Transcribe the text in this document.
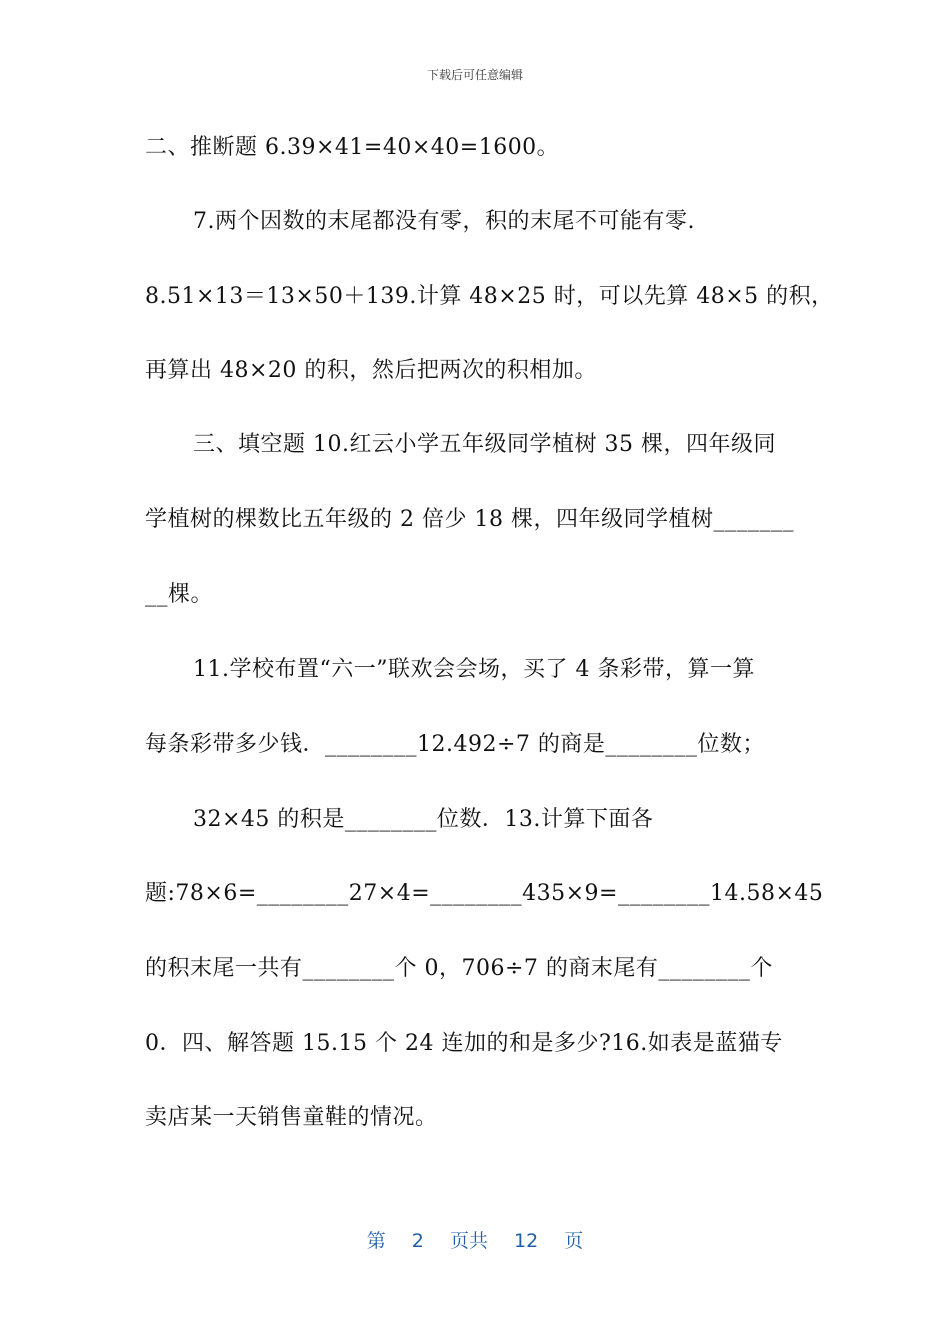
下载后可任意编辑
二、推断题 6.39×41=40×40=1600。
7.两个因数的末尾都没有零，积的末尾不可能有零.
8.51×13＝13×50＋139.计算 48×25 时，可以先算 48×5 的积，
再算出 48×20 的积，然后把两次的积相加。
三、填空题 10.红云小学五年级同学植树 35 棵，四年级同
学植树的棵数比五年级的 2 倍少 18 棵，四年级同学植树_______
__棵。
11.学校布置“六一”联欢会会场，买了 4 条彩带，算一算
每条彩带多少钱．________12.492÷7 的商是________位数；
32×45 的积是________位数．13.计算下面各
题:78×6=________27×4=________435×9=________14.58×45
的积末尾一共有________个 0，706÷7 的商末尾有________个
0．四、解答题 15.15 个 24 连加的和是多少?16.如表是蓝猫专
卖店某一天销售童鞋的情况。
第 2 页共 12 页
